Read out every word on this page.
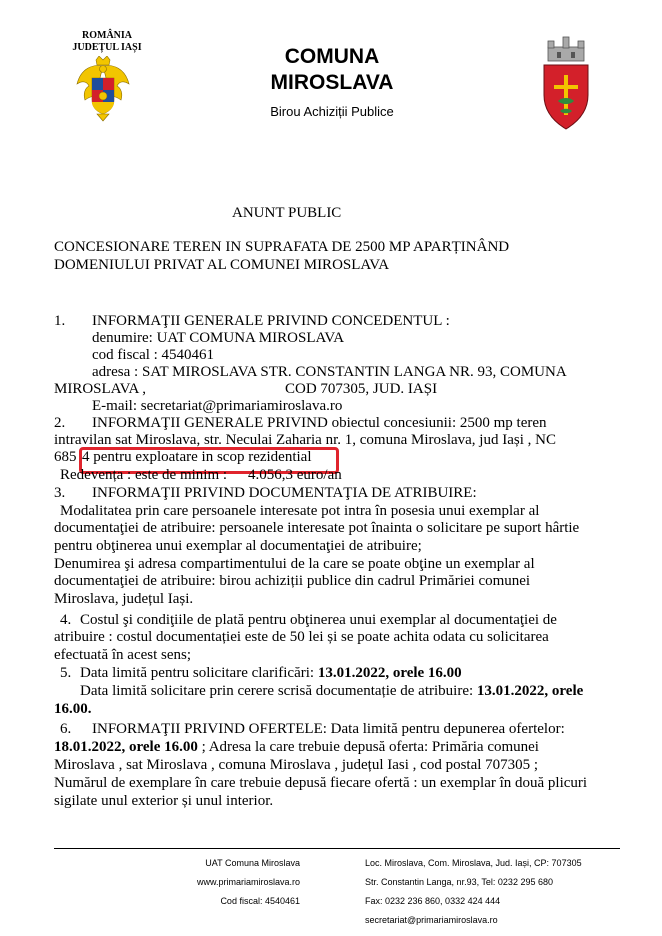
ROMÂNIA
JUDEȚUL IAȘI	COMUNA
MIROSLAVA
Birou Achiziții Publice
ANUNT PUBLIC
CONCESIONARE TEREN IN SUPRAFATA DE 2500 MP APARȚINÂND
DOMENIULUI PRIVAT AL COMUNEI MIROSLAVA
1. INFORMAŢII GENERALE PRIVIND CONCEDENTUL :
denumire: UAT COMUNA MIROSLAVA
cod fiscal : 4540461
adresa : SAT MIROSLAVA STR. CONSTANTIN LANGA NR. 93, COMUNA
MIROSLAVA ,	COD 707305, JUD. IAȘI
E-mail: secretariat@primariamiroslava.ro
2. INFORMAŢII GENERALE PRIVIND obiectul concesiunii: 2500 mp teren
intravilan sat Miroslava, str. Neculai Zaharia nr. 1, comuna Miroslava, jud Iași , NC
685 4 pentru exploatare in scop rezidential
Redevența : este de minim : 4.056,3 euro/an
3. INFORMAŢII PRIVIND DOCUMENTAŢIA DE ATRIBUIRE:
Modalitatea prin care persoanele interesate pot intra în posesia unui exemplar al
documentaţiei de atribuire: persoanele interesate pot înainta o solicitare pe suport hârtie
pentru obţinerea unui exemplar al documentaţiei de atribuire;
Denumirea şi adresa compartimentului de la care se poate obţine un exemplar al
documentaţiei de atribuire: birou achiziții publice din cadrul Primăriei comunei
Miroslava, județul Iași.
4. Costul şi condiţiile de plată pentru obţinerea unui exemplar al documentaţiei de
atribuire : costul documentației este de 50 lei și se poate achita odata cu solicitarea
efectuată în acest sens;
5. Data limită pentru solicitare clarificări: 13.01.2022, orele 16.00
Data limită solicitare prin cerere scrisă documentație de atribuire: 13.01.2022, orele
16.00.
6. INFORMAŢII PRIVIND OFERTELE: Data limită pentru depunerea ofertelor:
18.01.2022, orele 16.00 ; Adresa la care trebuie depusă oferta: Primăria comunei
Miroslava , sat Miroslava , comuna Miroslava , județul Iasi , cod postal 707305 ;
Numărul de exemplare în care trebuie depusă fiecare ofertă : un exemplar în două plicuri
sigilate unul exterior și unul interior.
UAT Comuna Miroslava
www.primariamiroslava.ro
Cod fiscal: 4540461
Loc. Miroslava, Com. Miroslava, Jud. Iași, CP: 707305
Str. Constantin Langa, nr.93, Tel: 0232 295 680
Fax: 0232 236 860, 0332 424 444
secretariat@primariamiroslava.ro
